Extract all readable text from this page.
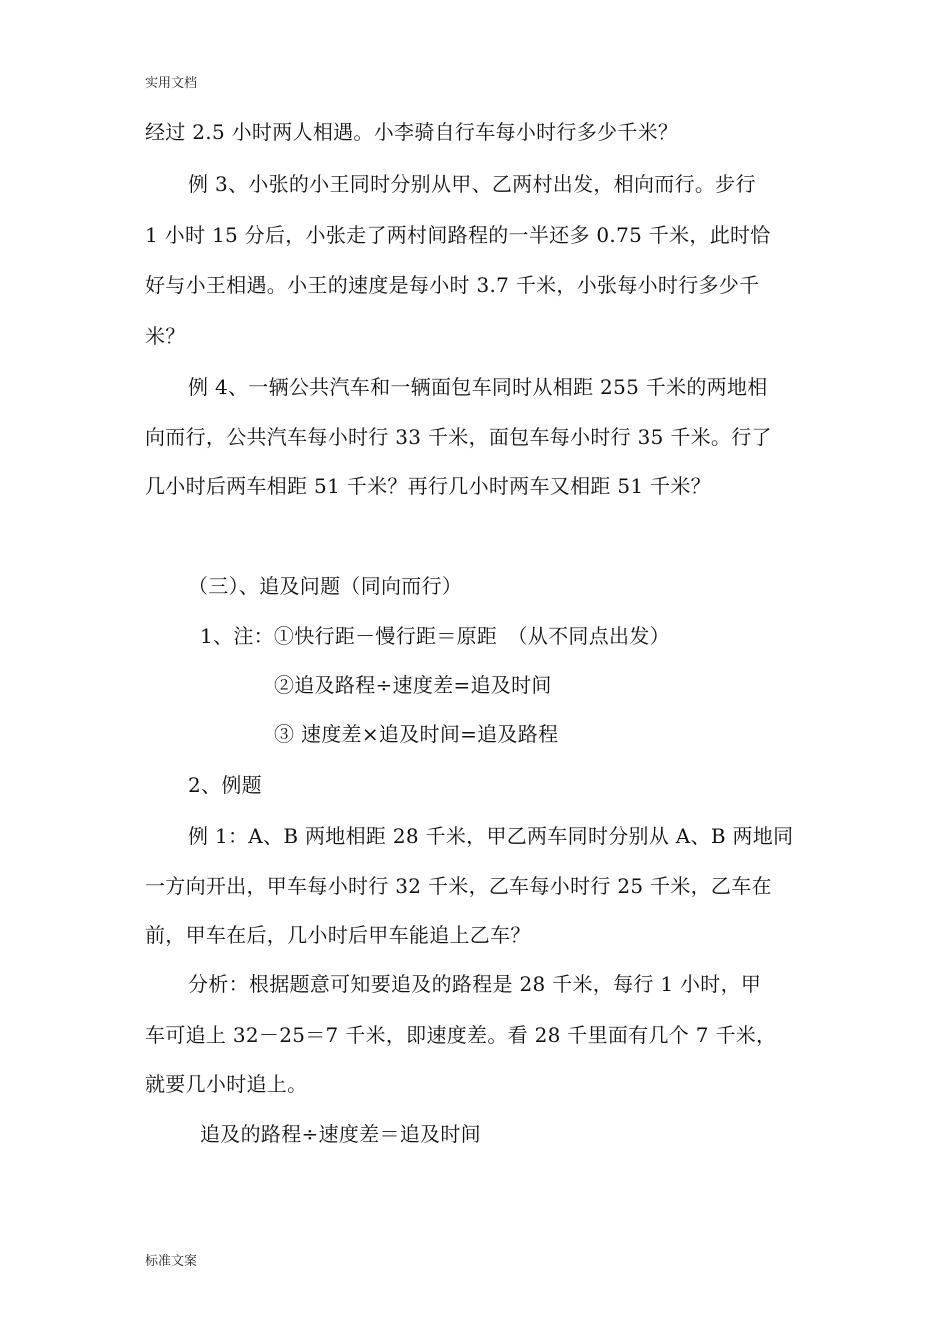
实用文档
经过 2.5 小时两人相遇。小李骑自行车每小时行多少千米？
例 3、小张的小王同时分别从甲、乙两村出发，相向而行。步行
1 小时 15 分后，小张走了两村间路程的一半还多 0.75 千米，此时恰
好与小王相遇。小王的速度是每小时 3.7 千米，小张每小时行多少千
米？
例 4、一辆公共汽车和一辆面包车同时从相距 255 千米的两地相
向而行，公共汽车每小时行 33 千米，面包车每小时行 35 千米。行了
几小时后两车相距 51 千米？再行几小时两车又相距 51 千米？
（三）、追及问题（同向而行）
1、注：①快行距－慢行距＝原距　（从不同点出发）
②追及路程÷速度差=追及时间
③ 速度差×追及时间=追及路程
2、例题
例 1：A、B 两地相距 28 千米，甲乙两车同时分别从 A、B 两地同
一方向开出，甲车每小时行 32 千米，乙车每小时行 25 千米，乙车在
前，甲车在后，几小时后甲车能追上乙车？
分析：根据题意可知要追及的路程是 28 千米，每行 1 小时，甲
车可追上 32－25＝7 千米，即速度差。看 28 千里面有几个 7 千米，
就要几小时追上。
追及的路程÷速度差＝追及时间
标准文案
